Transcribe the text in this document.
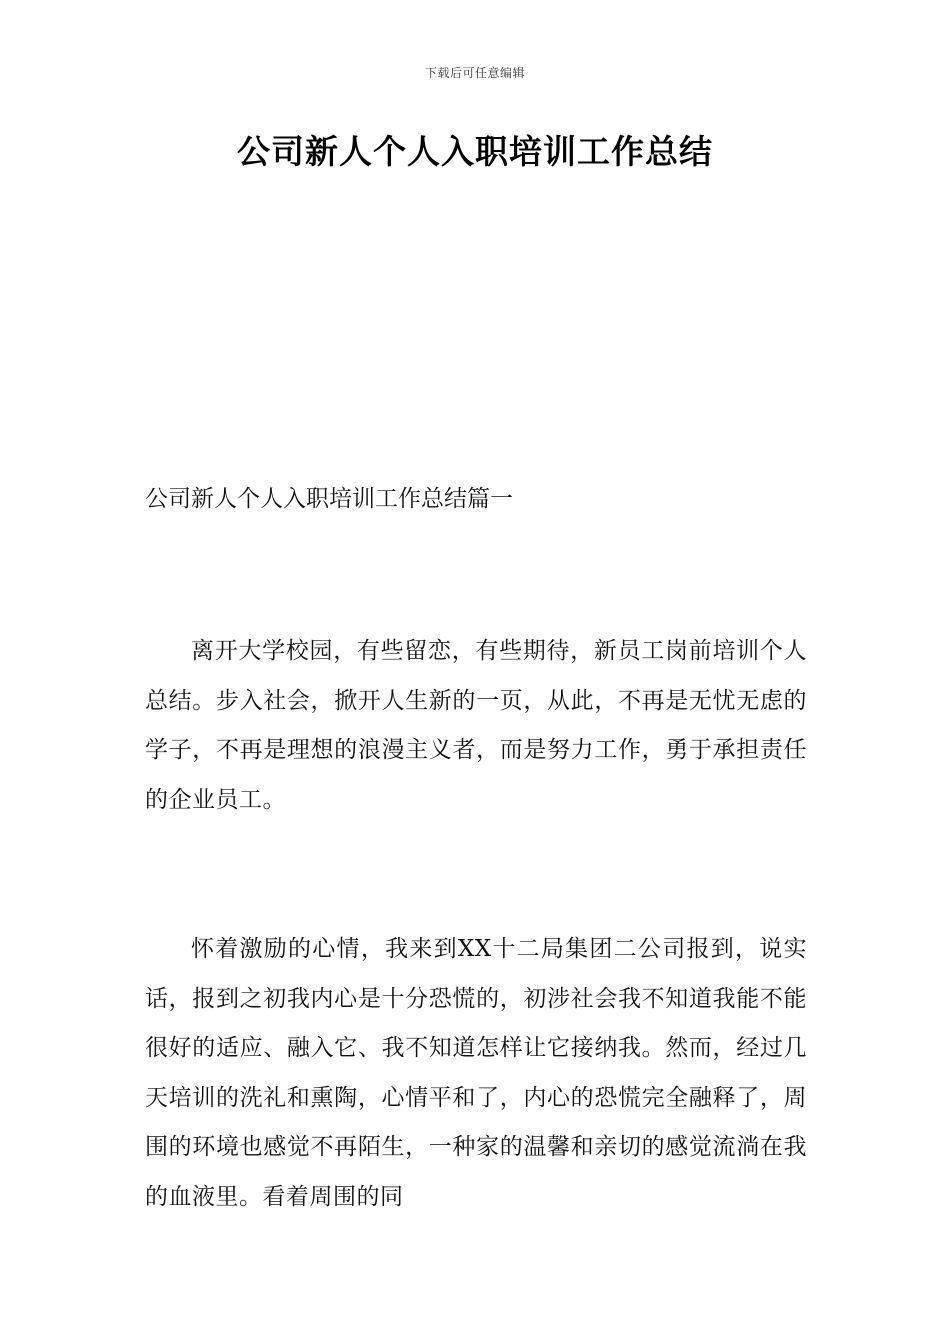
下载后可任意编辑
公司新人个人入职培训工作总结
公司新人个人入职培训工作总结篇一

离开大学校园，有些留恋，有些期待，新员工岗前培训个人总结。步入社会，掀开人生新的一页，从此，不再是无忧无虑的学子，不再是理想的浪漫主义者，而是努力工作，勇于承担责任的企业员工。

怀着激励的心情，我来到XX十二局集团二公司报到，说实话，报到之初我内心是十分恐慌的，初涉社会我不知道我能不能很好的适应、融入它、我不知道怎样让它接纳我。然而，经过几天培训的洗礼和熏陶，心情平和了，内心的恐慌完全融释了，周围的环境也感觉不再陌生，一种家的温馨和亲切的感觉流淌在我的血液里。看着周围的同
